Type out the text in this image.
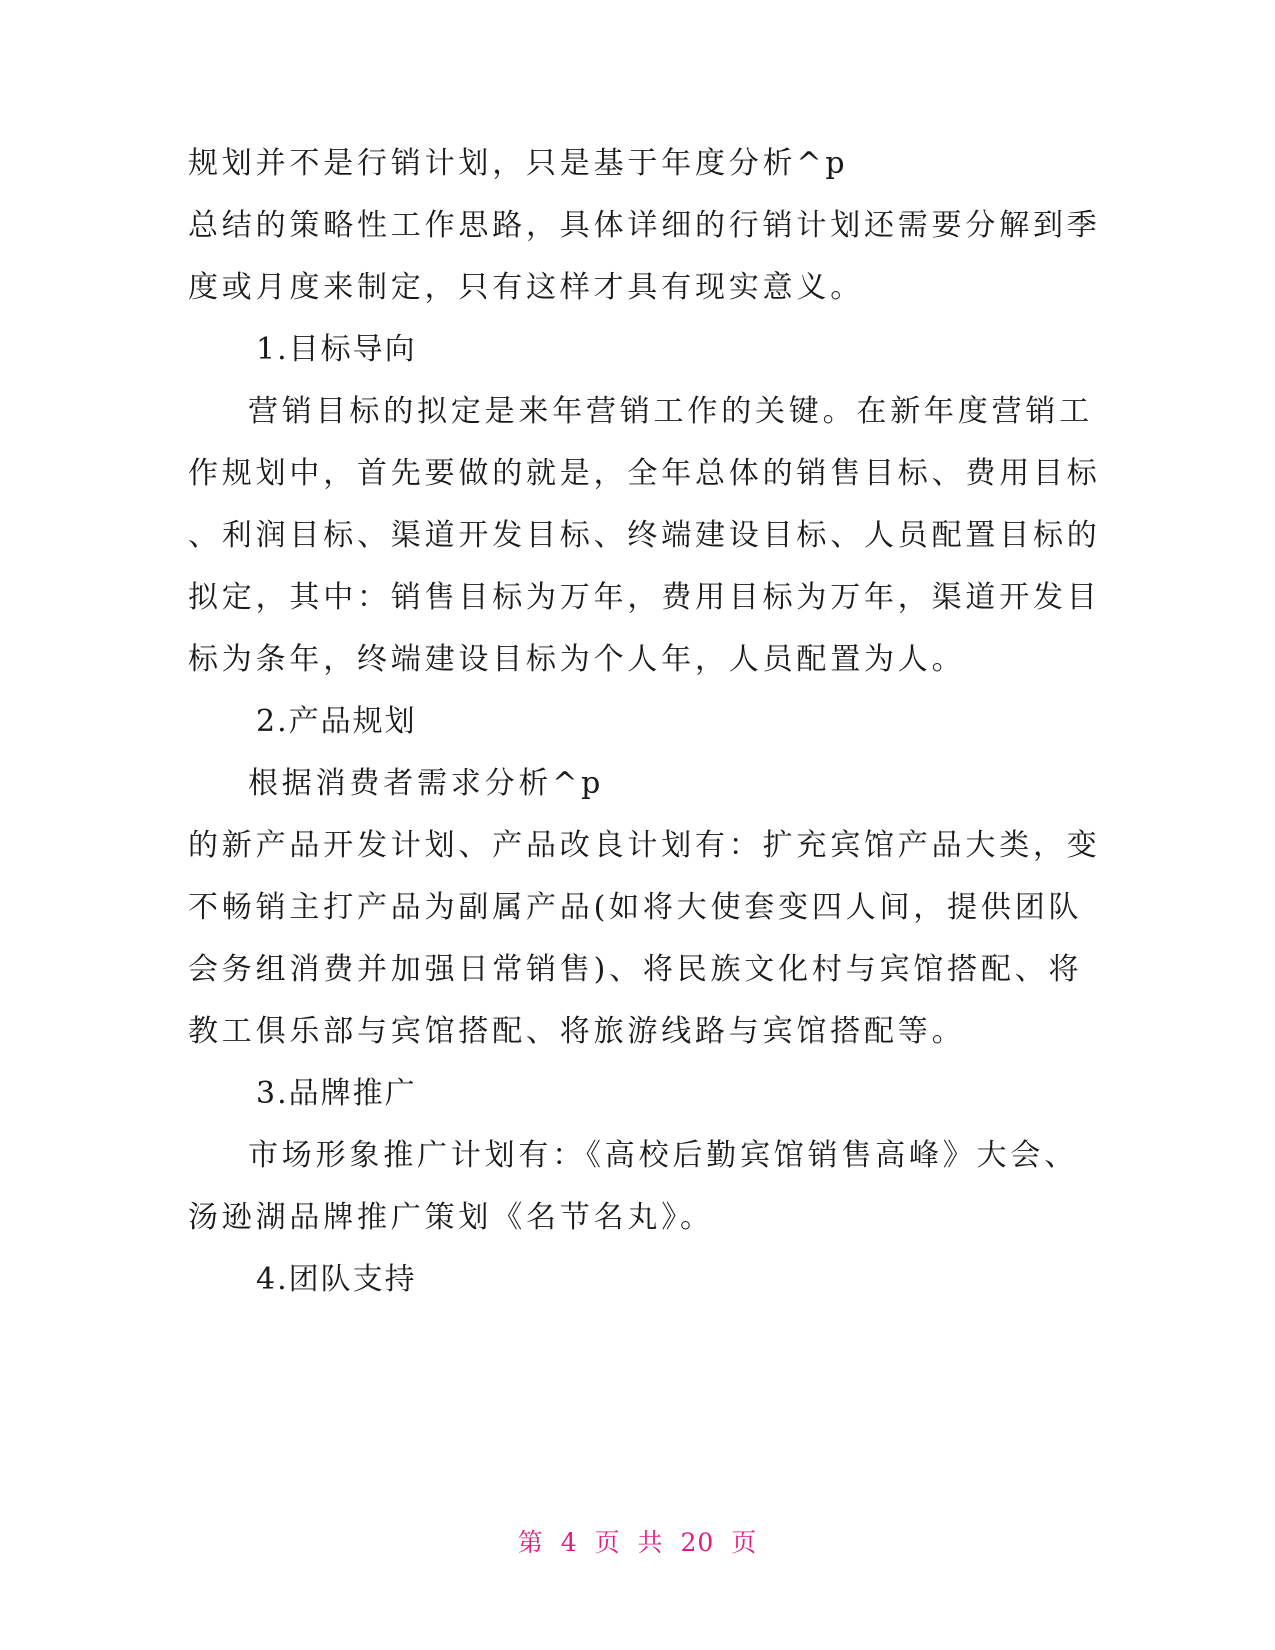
规划并不是行销计划，只是基于年度分析^p
总结的策略性工作思路，具体详细的行销计划还需要分解到季
度或月度来制定，只有这样才具有现实意义。
1.目标导向
营销目标的拟定是来年营销工作的关键。在新年度营销工
作规划中，首先要做的就是，全年总体的销售目标、费用目标
、利润目标、渠道开发目标、终端建设目标、人员配置目标的
拟定，其中：销售目标为万年，费用目标为万年，渠道开发目
标为条年，终端建设目标为个人年，人员配置为人。
2.产品规划
根据消费者需求分析^p
的新产品开发计划、产品改良计划有：扩充宾馆产品大类，变
不畅销主打产品为副属产品(如将大使套变四人间，提供团队
会务组消费并加强日常销售)、将民族文化村与宾馆搭配、将
教工俱乐部与宾馆搭配、将旅游线路与宾馆搭配等。
3.品牌推广
市场形象推广计划有：《高校后勤宾馆销售高峰》大会、
汤逊湖品牌推广策划《名节名丸》。
4.团队支持
第 4 页 共 20 页
